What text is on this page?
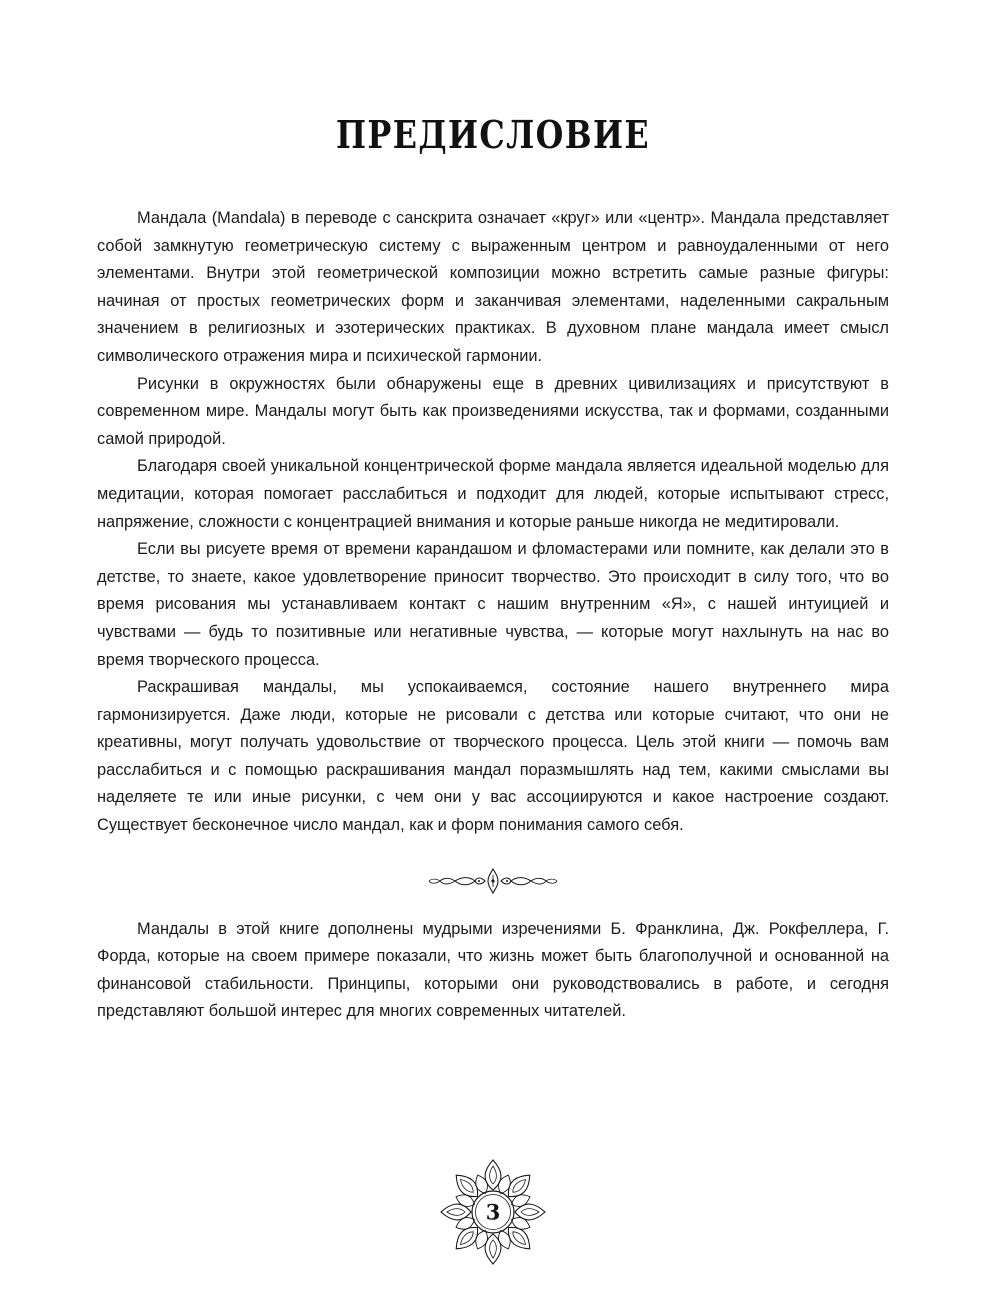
ПРЕДИСЛОВИЕ

Мандала (Mandala) в переводе с санскрита означает «круг» или «центр». Мандала представляет собой замкнутую геометрическую систему с выраженным центром и равноудаленными от него элементами. Внутри этой геометрической композиции можно встретить самые разные фигуры: начиная от простых геометрических форм и заканчивая элементами, наделенными сакральным значением в религиозных и эзотерических практиках. В духовном плане мандала имеет смысл символического отражения мира и психической гармонии.

Рисунки в окружностях были обнаружены еще в древних цивилизациях и присутствуют в современном мире. Мандалы могут быть как произведениями искусства, так и формами, созданными самой природой.

Благодаря своей уникальной концентрической форме мандала является идеальной моделью для медитации, которая помогает расслабиться и подходит для людей, которые испытывают стресс, напряжение, сложности с концентрацией внимания и которые раньше никогда не медитировали.

Если вы рисуете время от времени карандашом и фломастерами или помните, как делали это в детстве, то знаете, какое удовлетворение приносит творчество. Это происходит в силу того, что во время рисования мы устанавливаем контакт с нашим внутренним «Я», с нашей интуицией и чувствами — будь то позитивные или негативные чувства, — которые могут нахлынуть на нас во время творческого процесса.

Раскрашивая мандалы, мы успокаиваемся, состояние нашего внутреннего мира гармонизируется. Даже люди, которые не рисовали с детства или которые считают, что они не креативны, могут получать удовольствие от творческого процесса. Цель этой книги — помочь вам расслабиться и с помощью раскрашивания мандал поразмышлять над тем, какими смыслами вы наделяете те или иные рисунки, с чем они у вас ассоциируются и какое настроение создают. Существует бесконечное число мандал, как и форм понимания самого себя.

Мандалы в этой книге дополнены мудрыми изречениями Б. Франклина, Дж. Рокфеллера, Г. Форда, которые на своем примере показали, что жизнь может быть благополучной и основанной на финансовой стабильности. Принципы, которыми они руководствовались в работе, и сегодня представляют большой интерес для многих современных читателей.

3
